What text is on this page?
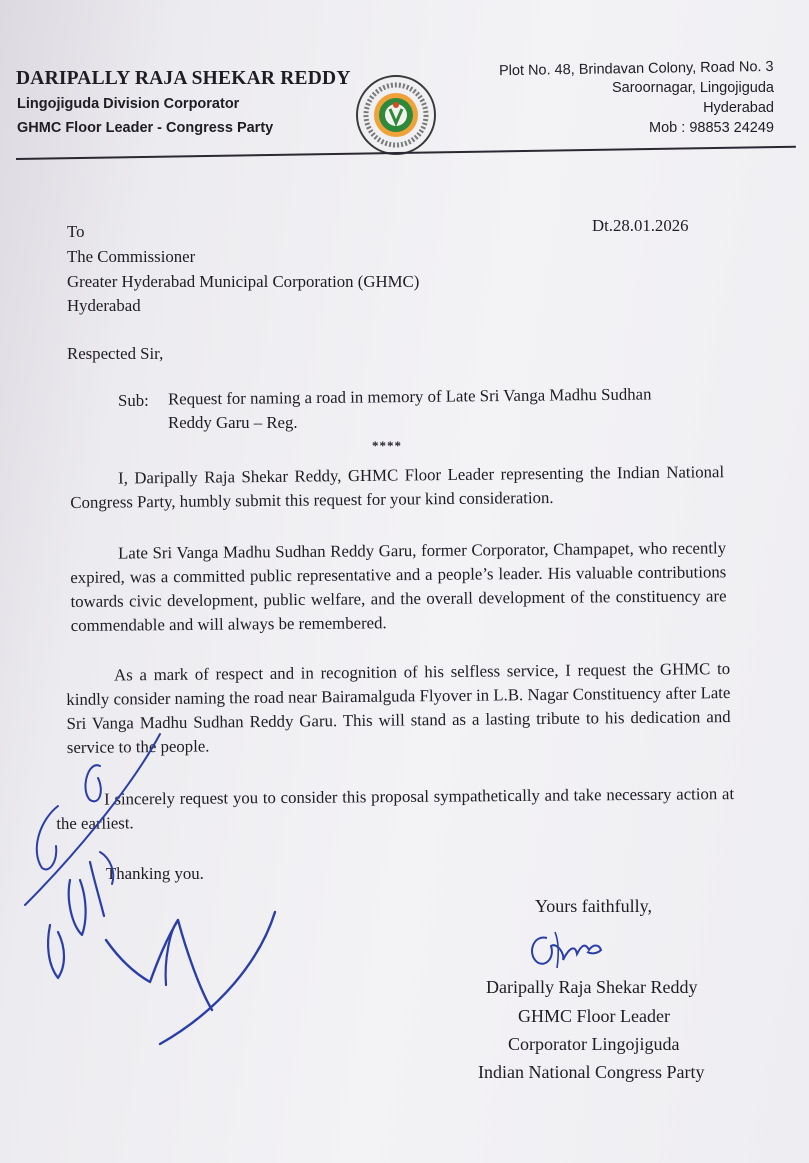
DARIPALLY RAJA SHEKAR REDDY
Lingojiguda Division Corporator
GHMC Floor Leader - Congress Party
Plot No. 48, Brindavan Colony, Road No. 3
Saroornagar, Lingojiguda
Hyderabad
Mob : 98853 24249
Dt.28.01.2026
To
The Commissioner
Greater Hyderabad Municipal Corporation (GHMC)
Hyderabad
Respected Sir,
Sub: Request for naming a road in memory of Late Sri Vanga Madhu Sudhan
Reddy Garu – Reg.
****
I, Daripally Raja Shekar Reddy, GHMC Floor Leader representing the Indian National Congress Party, humbly submit this request for your kind consideration.
Late Sri Vanga Madhu Sudhan Reddy Garu, former Corporator, Champapet, who recently expired, was a committed public representative and a people’s leader. His valuable contributions towards civic development, public welfare, and the overall development of the constituency are commendable and will always be remembered.
As a mark of respect and in recognition of his selfless service, I request the GHMC to kindly consider naming the road near Bairamalguda Flyover in L.B. Nagar Constituency after Late Sri Vanga Madhu Sudhan Reddy Garu. This will stand as a lasting tribute to his dedication and service to the people.
I sincerely request you to consider this proposal sympathetically and take necessary action at the earliest.
Thanking you.
Yours faithfully,
Daripally Raja Shekar Reddy
GHMC Floor Leader
Corporator Lingojiguda
Indian National Congress Party
